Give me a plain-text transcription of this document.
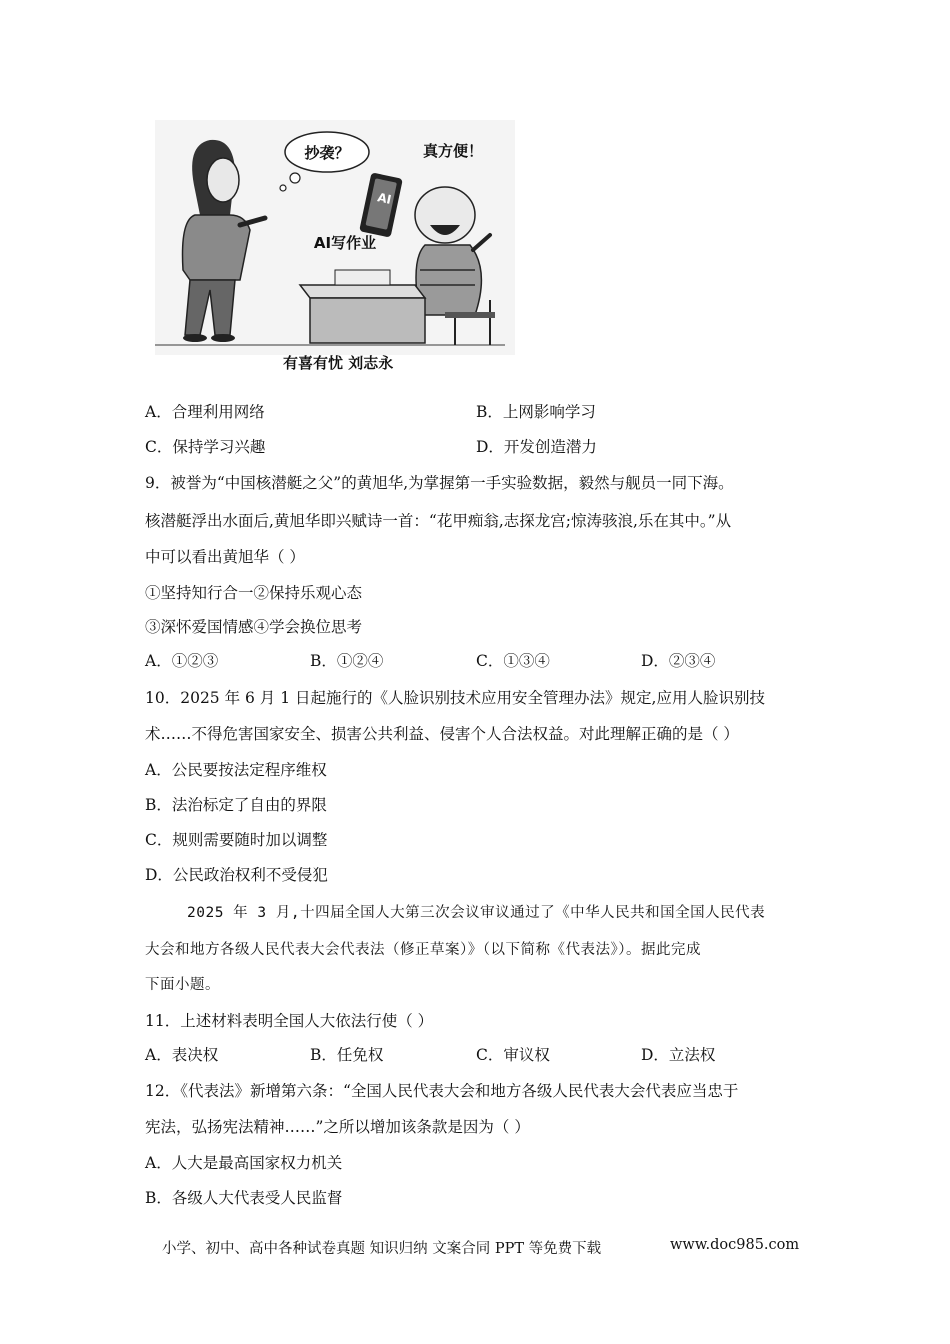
抄袭？	真方便！
AI
AI写作业
有喜有忧 刘志永
A．合理利用网络	B．上网影响学习
C．保持学习兴趣	D．开发创造潜力
9．被誉为“中国核潜艇之父”的黄旭华,为掌握第一手实验数据，毅然与舰员一同下海。
核潜艇浮出水面后,黄旭华即兴赋诗一首：“花甲痴翁,志探龙宫;惊涛骇浪,乐在其中。”从
中可以看出黄旭华（ ）
①坚持知行合一②保持乐观心态
③深怀爱国情感④学会换位思考
A．①②③	B．①②④	C．①③④	D．②③④
10．2025 年 6 月 1 日起施行的《人脸识别技术应用安全管理办法》规定,应用人脸识别技
术……不得危害国家安全、损害公共利益、侵害个人合法权益。对此理解正确的是（ ）
A．公民要按法定程序维权
B．法治标定了自由的界限
C．规则需要随时加以调整
D．公民政治权利不受侵犯
2025 年 3 月,十四届全国人大第三次会议审议通过了《中华人民共和国全国人民代表
大会和地方各级人民代表大会代表法（修正草案）》（以下简称《代表法》）。据此完成
下面小题。
11．上述材料表明全国人大依法行使（ ）
A．表决权	B．任免权	C．审议权	D．立法权
12．《代表法》新增第六条：“全国人民代表大会和地方各级人民代表大会代表应当忠于
宪法，弘扬宪法精神……”之所以增加该条款是因为（ ）
A．人大是最高国家权力机关
B．各级人大代表受人民监督
小学、初中、高中各种试卷真题 知识归纳 文案合同 PPT 等免费下载	www.doc985.com
